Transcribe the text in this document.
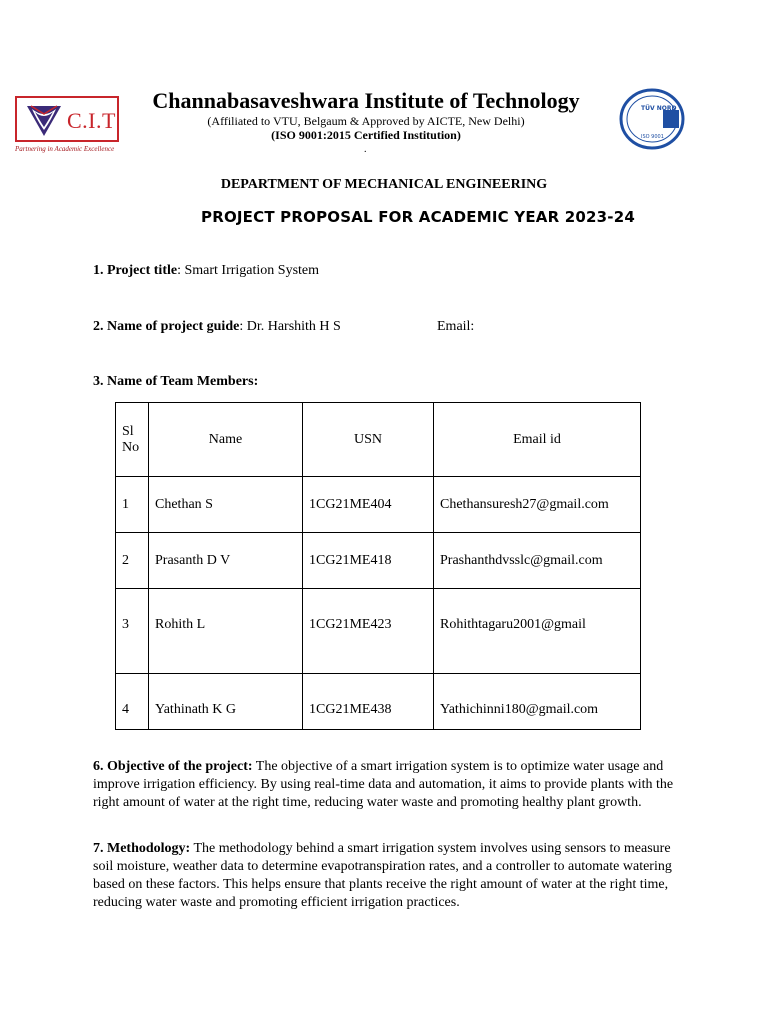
C.I.T
Partnering in Academic Excellence
Channabasaveshwara Institute of Technology
(Affiliated to VTU, Belgaum & Approved by AICTE, New Delhi)
(ISO 9001:2015 Certified Institution)
.
TÜV NORD
ISO 9001
DEPARTMENT OF MECHANICAL ENGINEERING
PROJECT PROPOSAL FOR ACADEMIC YEAR 2023-24
1. Project title: Smart Irrigation System
2. Name of project guide: Dr. Harshith H S	Email:
3. Name of Team Members:
Sl No	Name	USN	Email id
1	Chethan S	1CG21ME404	Chethansuresh27@gmail.com
2	Prasanth D V	1CG21ME418	Prashanthdvsslc@gmail.com
3	Rohith L	1CG21ME423	Rohithtagaru2001@gmail
4	Yathinath K G	1CG21ME438	Yathichinni180@gmail.com
6. Objective of the project: The objective of a smart irrigation system is to optimize water usage and improve irrigation efficiency. By using real-time data and automation, it aims to provide plants with the right amount of water at the right time, reducing water waste and promoting healthy plant growth.
7. Methodology: The methodology behind a smart irrigation system involves using sensors to measure soil moisture, weather data to determine evapotranspiration rates, and a controller to automate watering based on these factors. This helps ensure that plants receive the right amount of water at the right time, reducing water waste and promoting efficient irrigation practices.
